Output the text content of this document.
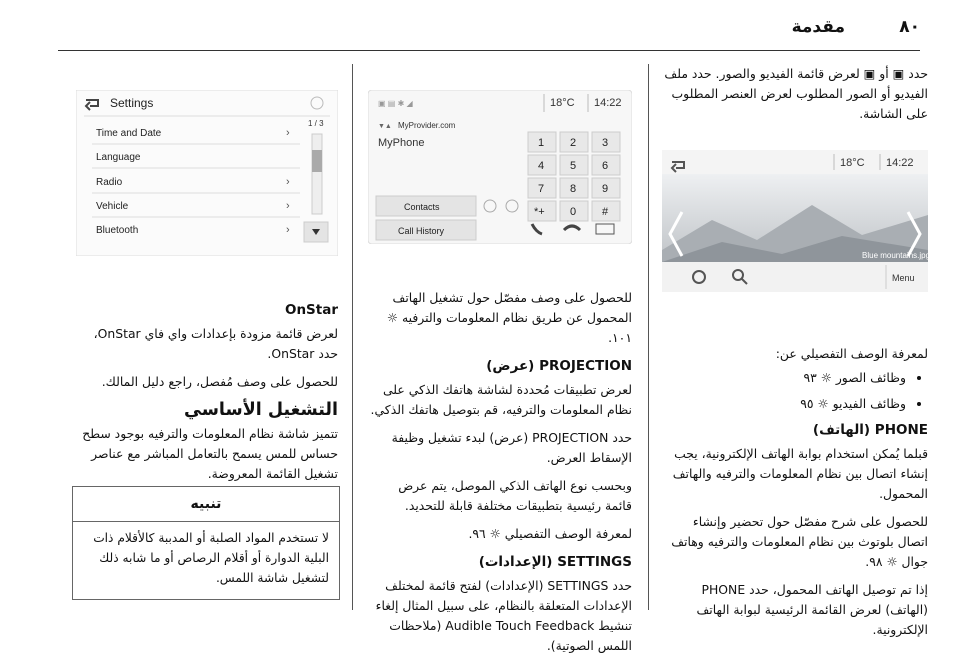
مقدمة	٨٠

حدد ▣ أو ▣ لعرض قائمة الفيديو والصور. حدد ملف الفيديو أو الصور المطلوب لعرض العنصر المطلوب على الشاشة.

18°C 14:22
Blue mountains.jpg
Menu

لمعرفة الوصف التفصيلي عن:

• وظائف الصور ☼ ٩٣
• وظائف الفيديو ☼ ٩٥
PHONE (الهاتف)

قبلما يُمكن استخدام بوابة الهاتف الإلكترونية، يجب إنشاء اتصال بين نظام المعلومات والترفيه والهاتف المحمول.

للحصول على شرح مفصّل حول تحضير وإنشاء اتصال بلوتوث بين نظام المعلومات والترفيه وهاتف جوال ☼ ٩٨.

إذا تم توصيل الهاتف المحمول، حدد PHONE (الهاتف) لعرض القائمة الرئيسية لبوابة الهاتف الإلكترونية.

▣ ▤ ✱ ◢	18°C 14:22
▼▲ MyProvider.com
MyPhone	1 2 3
4 5 6
7 8 9
*+ 0 #
Contacts
Call History

للحصول على وصف مفصّل حول تشغيل الهاتف المحمول عن طريق نظام المعلومات والترفيه ☼ ١٠١.

PROJECTION (عرض)

لعرض تطبيقات مُحددة لشاشة هاتفك الذكي على نظام المعلومات والترفيه، قم بتوصيل هاتفك الذكي.

حدد PROJECTION (عرض) لبدء تشغيل وظيفة الإسقاط العرض.

وبحسب نوع الهاتف الذكي الموصل، يتم عرض قائمة رئيسية بتطبيقات مختلفة قابلة للتحديد.

لمعرفة الوصف التفصيلي ☼ ٩٦.

SETTINGS (الإعدادات)

حدد SETTINGS (الإعدادات) لفتح قائمة لمختلف الإعدادات المتعلقة بالنظام، على سبيل المثال إلغاء تنشيط Audible Touch Feedback (ملاحظات اللمس الصوتية).

Settings
1 / 3
Time and Date	›
Language
Radio	›
Vehicle	›
Bluetooth	›
OnStar

لعرض قائمة مزودة بإعدادات واي فاي OnStar، حدد OnStar.

للحصول على وصف مُفصل، راجع دليل المالك.

التشغيل الأساسي

تتميز شاشة نظام المعلومات والترفيه بوجود سطح حساس للمس يسمح بالتعامل المباشر مع عناصر تشغيل القائمة المعروضة.

تنبيه
لا تستخدم المواد الصلبة أو المدببة كالأقلام ذات البلية الدوارة أو أقلام الرصاص أو ما شابه ذلك لتشغيل شاشة اللمس.
